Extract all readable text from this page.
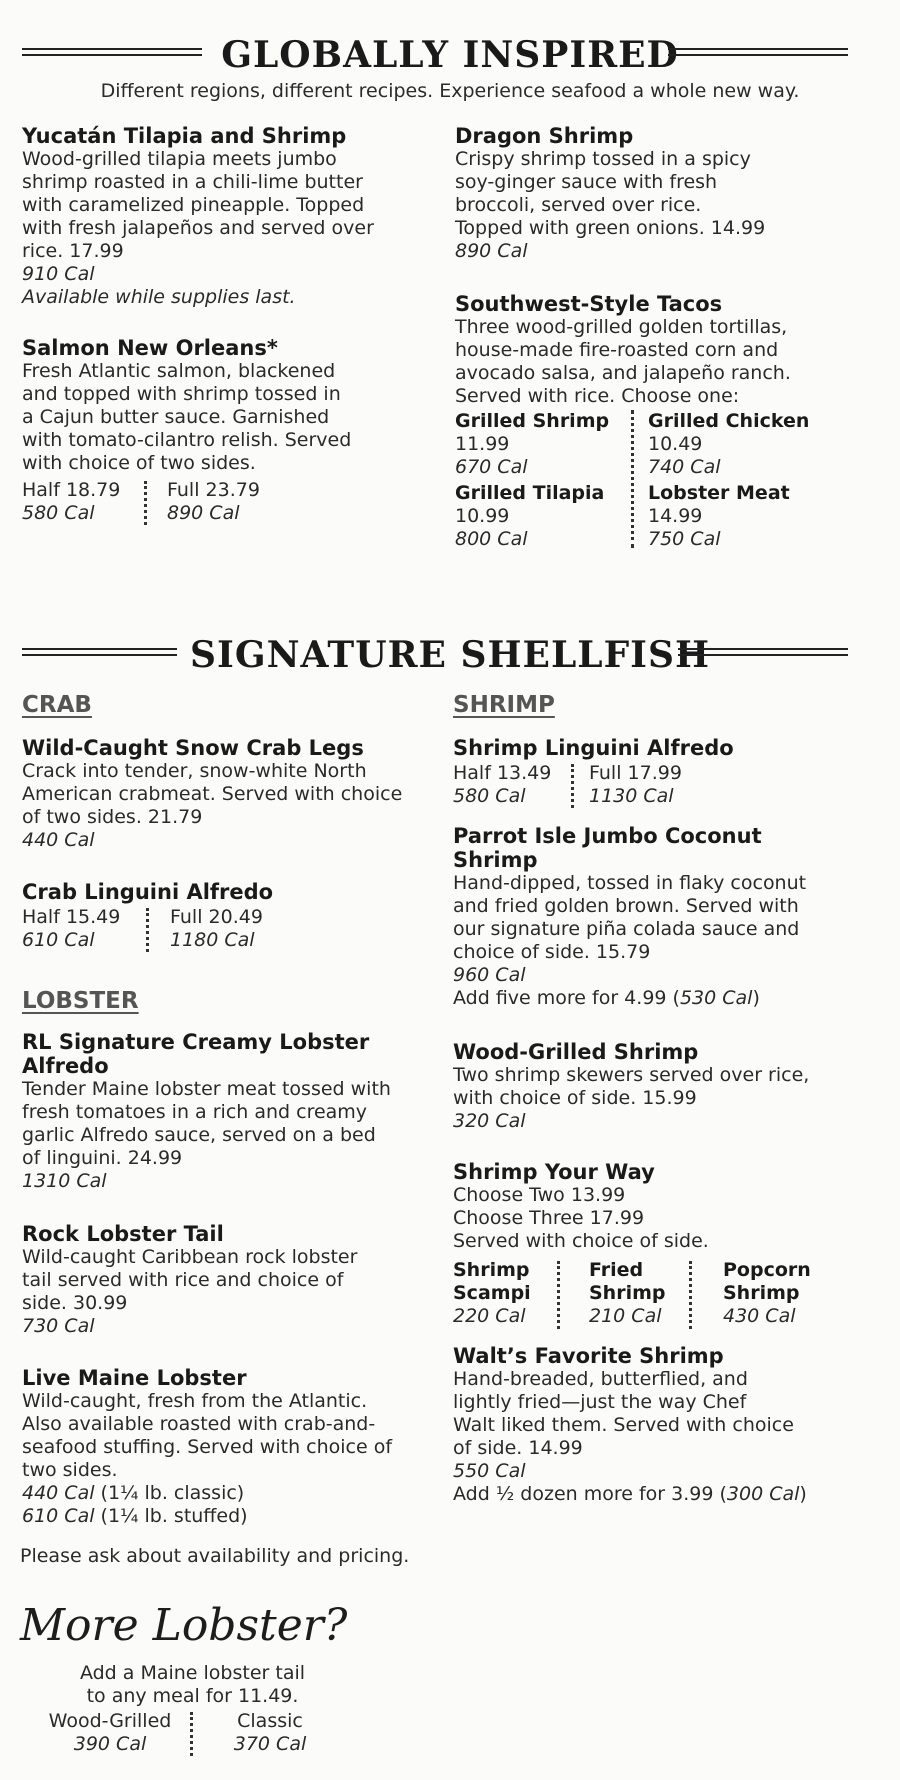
GLOBALLY INSPIRED
Different regions, different recipes. Experience seafood a whole new way.
Yucatán Tilapia and Shrimp
Wood-grilled tilapia meets jumbo
shrimp roasted in a chili-lime butter
with caramelized pineapple. Topped
with fresh jalapeños and served over
rice. 17.99
910 Cal
Available while supplies last.
Salmon New Orleans*
Fresh Atlantic salmon, blackened
and topped with shrimp tossed in
a Cajun butter sauce. Garnished
with tomato-cilantro relish. Served
with choice of two sides.
Half 18.79
580 Cal
Full 23.79
890 Cal
Dragon Shrimp
Crispy shrimp tossed in a spicy
soy-ginger sauce with fresh
broccoli, served over rice.
Topped with green onions. 14.99
890 Cal
Southwest-Style Tacos
Three wood-grilled golden tortillas,
house-made fire-roasted corn and
avocado salsa, and jalapeño ranch.
Served with rice. Choose one:
Grilled Shrimp
11.99
670 Cal
Grilled Chicken
10.49
740 Cal
Grilled Tilapia
10.99
800 Cal
Lobster Meat
14.99
750 Cal
SIGNATURE SHELLFISH
CRAB
Wild-Caught Snow Crab Legs
Crack into tender, snow-white North
American crabmeat. Served with choice
of two sides. 21.79
440 Cal
Crab Linguini Alfredo
Half 15.49
610 Cal
Full 20.49
1180 Cal
LOBSTER
RL Signature Creamy Lobster
Alfredo
Tender Maine lobster meat tossed with
fresh tomatoes in a rich and creamy
garlic Alfredo sauce, served on a bed
of linguini. 24.99
1310 Cal
Rock Lobster Tail
Wild-caught Caribbean rock lobster
tail served with rice and choice of
side. 30.99
730 Cal
Live Maine Lobster
Wild-caught, fresh from the Atlantic.
Also available roasted with crab-and-
seafood stuffing. Served with choice of
two sides.
440 Cal (1¼ lb. classic)
610 Cal (1¼ lb. stuffed)
Please ask about availability and pricing.
More Lobster?
Add a Maine lobster tail
to any meal for 11.49.
Wood-Grilled
390 Cal
Classic
370 Cal
SHRIMP
Shrimp Linguini Alfredo
Half 13.49
580 Cal
Full 17.99
1130 Cal
Parrot Isle Jumbo Coconut
Shrimp
Hand-dipped, tossed in flaky coconut
and fried golden brown. Served with
our signature piña colada sauce and
choice of side. 15.79
960 Cal
Add five more for 4.99 (530 Cal)
Wood-Grilled Shrimp
Two shrimp skewers served over rice,
with choice of side. 15.99
320 Cal
Shrimp Your Way
Choose Two 13.99
Choose Three 17.99
Served with choice of side.
Shrimp
Scampi
220 Cal
Fried
Shrimp
210 Cal
Popcorn
Shrimp
430 Cal
Walt’s Favorite Shrimp
Hand-breaded, butterflied, and
lightly fried—just the way Chef
Walt liked them. Served with choice
of side. 14.99
550 Cal
Add ½ dozen more for 3.99 (300 Cal)
